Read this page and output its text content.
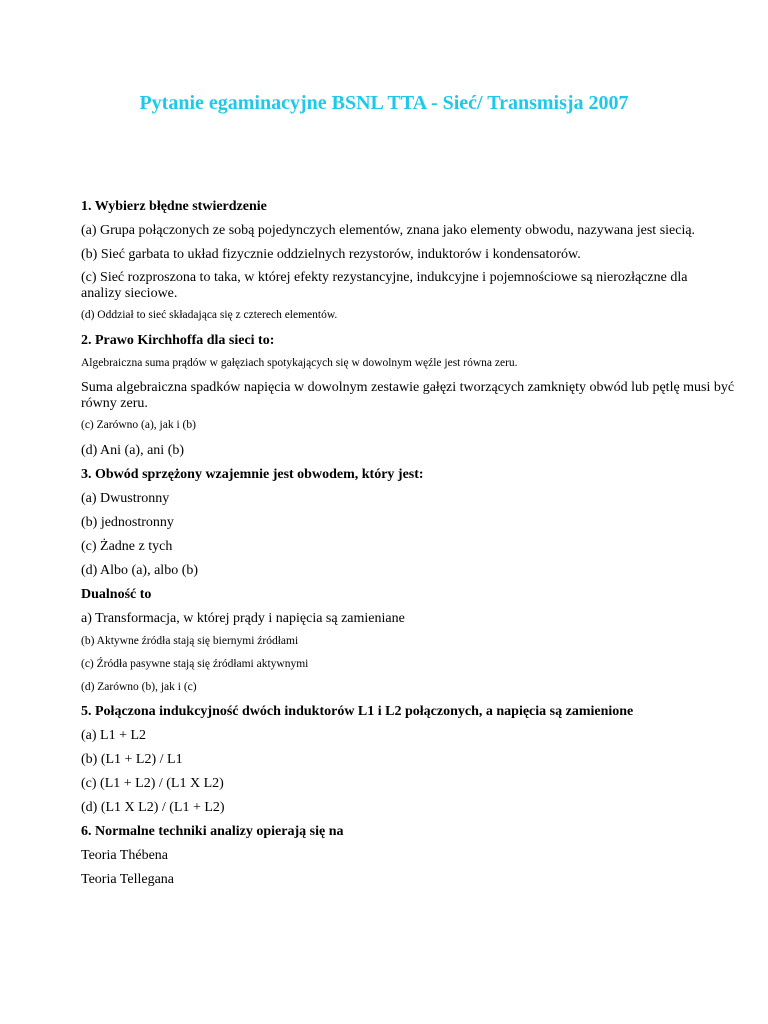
Pytanie egaminacyjne BSNL TTA - Sieć/ Transmisja 2007

1. Wybierz błędne stwierdzenie

(a) Grupa połączonych ze sobą pojedynczych elementów, znana jako elementy obwodu, nazywana jest siecią.

(b) Sieć garbata to układ fizycznie oddzielnych rezystorów, induktorów i kondensatorów.

(c) Sieć rozproszona to taka, w której efekty rezystancyjne, indukcyjne i pojemnościowe są nierozłączne dla
analizy sieciowe.

(d) Oddział to sieć składająca się z czterech elementów.

2. Prawo Kirchhoffa dla sieci to:

Algebraiczna suma prądów w gałęziach spotykających się w dowolnym węźle jest równa zeru.

Suma algebraiczna spadków napięcia w dowolnym zestawie gałęzi tworzących zamknięty obwód lub pętlę musi być
równy zeru.

(c) Zarówno (a), jak i (b)

(d) Ani (a), ani (b)

3. Obwód sprzężony wzajemnie jest obwodem, który jest:

(a) Dwustronny

(b) jednostronny

(c) Żadne z tych

(d) Albo (a), albo (b)

Dualność to

a) Transformacja, w której prądy i napięcia są zamieniane

(b) Aktywne źródła stają się biernymi źródłami

(c) Źródła pasywne stają się źródłami aktywnymi

(d) Zarówno (b), jak i (c)

5. Połączona indukcyjność dwóch induktorów L1 i L2 połączonych, a napięcia są zamienione

(a) L1 + L2

(b) (L1 + L2) / L1

(c) (L1 + L2) / (L1 X L2)

(d) (L1 X L2) / (L1 + L2)

6. Normalne techniki analizy opierają się na

Teoria Thébena

Teoria Tellegana
